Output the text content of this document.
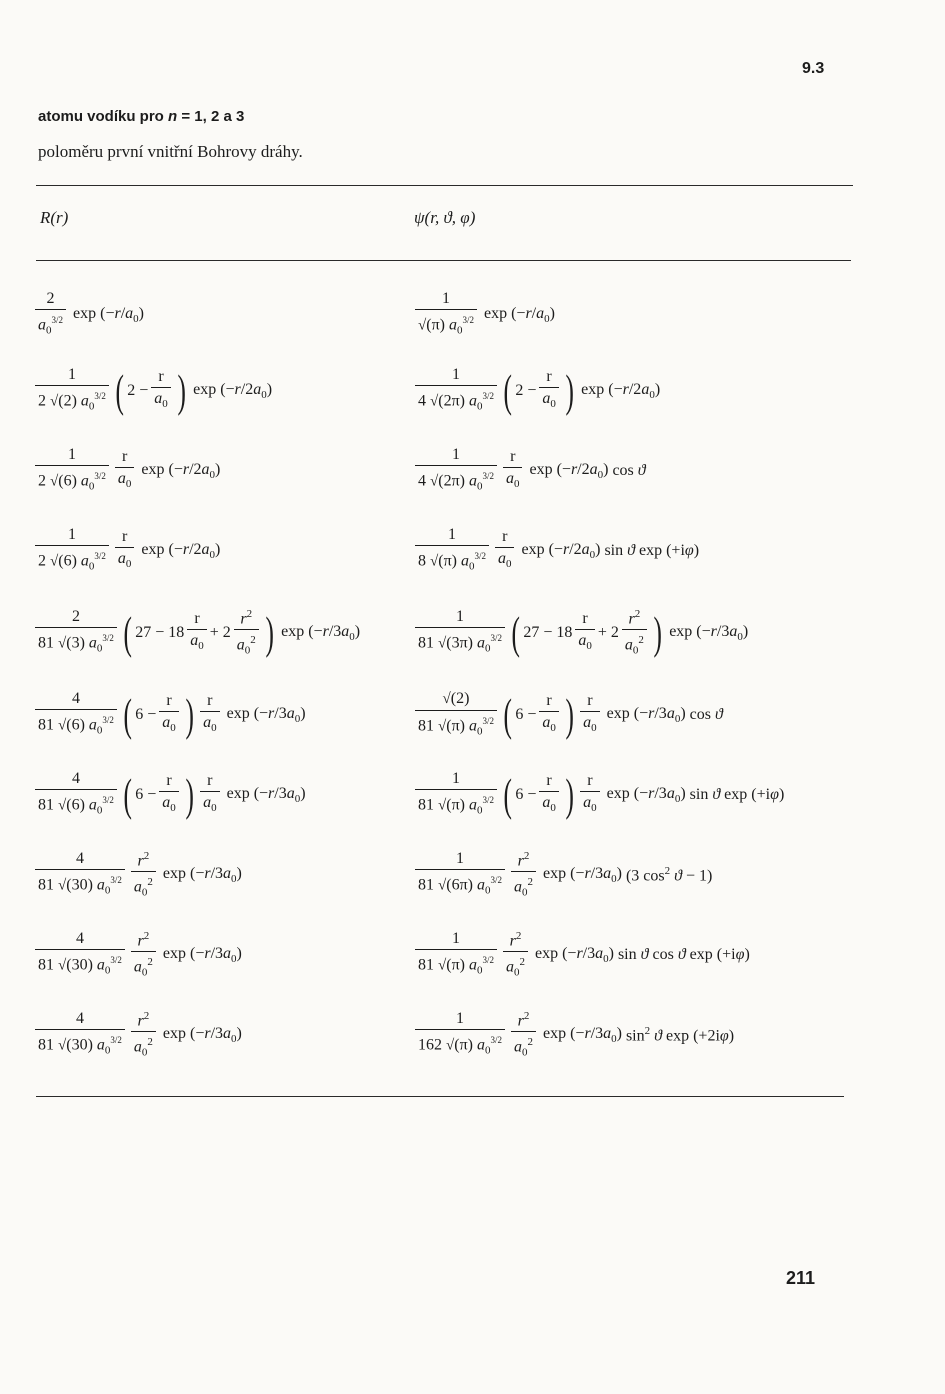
9.3
atomu vodíku pro n = 1, 2 a 3
poloměru první vnitřní Bohrovy dráhy.
R(r)	ψ(r, ϑ, φ)
$\frac{2}{a_0^{3/2}}$ $\exp (-r/a_0)$	$\frac{1}{√(\pi) a_0^{3/2}}$ $\exp (-r/a_0)$
$\frac{1}{2 √(2) a_0^{3/2}}$ ( $2 - \frac{r}{a_0}$ ) $\exp (-r/2a_0)$	$\frac{1}{4 √(2\pi) a_0^{3/2}}$ ( $2 - \frac{r}{a_0}$ ) $\exp (-r/2a_0)$
$\frac{1}{2 √(6) a_0^{3/2}} \frac{r}{a_0}$ $\exp (-r/2a_0)$	$\frac{1}{4 √(2\pi) a_0^{3/2}} \frac{r}{a_0}$ $\exp (-r/2a_0)$ cos ϑ
$\frac{1}{2 √(6) a_0^{3/2}} \frac{r}{a_0}$ $\exp (-r/2a_0)$	$\frac{1}{8 √(\pi) a_0^{3/2}} \frac{r}{a_0}$ $\exp (-r/2a_0)$ sin ϑ exp (+iφ)
$\frac{2}{81 √(3) a_0^{3/2}}$ ( $27 - 18 \frac{r}{a_0} + 2 \frac{r^2}{a_0^2}$ ) $\exp (-r/3a_0)$	$\frac{1}{81 √(3\pi) a_0^{3/2}}$ ( $27 - 18 \frac{r}{a_0} + 2 \frac{r^2}{a_0^2}$ ) $\exp (-r/3a_0)$
$\frac{4}{81 √(6) a_0^{3/2}}$ ( $6 - \frac{r}{a_0}$ ) $\frac{r}{a_0}$ $\exp (-r/3a_0)$	$\frac{√(2)}{81 √(\pi) a_0^{3/2}}$ ( $6 - \frac{r}{a_0}$ ) $\frac{r}{a_0}$ $\exp (-r/3a_0)$ cos ϑ
$\frac{4}{81 √(6) a_0^{3/2}}$ ( $6 - \frac{r}{a_0}$ ) $\frac{r}{a_0}$ $\exp (-r/3a_0)$	$\frac{1}{81 √(\pi) a_0^{3/2}}$ ( $6 - \frac{r}{a_0}$ ) $\frac{r}{a_0}$ $\exp (-r/3a_0)$ sin ϑ exp (+iφ)
$\frac{4}{81 √(30) a_0^{3/2}} \frac{r^2}{a_0^2}$ $\exp (-r/3a_0)$	$\frac{1}{81 √(6\pi) a_0^{3/2}} \frac{r^2}{a_0^2}$ $\exp (-r/3a_0)$ (3 $\cos^2 ϑ - 1$)
$\frac{4}{81 √(30) a_0^{3/2}} \frac{r^2}{a_0^2}$ $\exp (-r/3a_0)$	$\frac{1}{81 √(\pi) a_0^{3/2}} \frac{r^2}{a_0^2}$ $\exp (-r/3a_0)$ sin ϑ cos ϑ exp (+iφ)
$\frac{4}{81 √(30) a_0^{3/2}} \frac{r^2}{a_0^2}$ $\exp (-r/3a_0)$	$\frac{1}{162 √(\pi) a_0^{3/2}} \frac{r^2}{a_0^2}$ $\exp (-r/3a_0)$ $\sin^2 ϑ$ exp (+2iφ)
211
